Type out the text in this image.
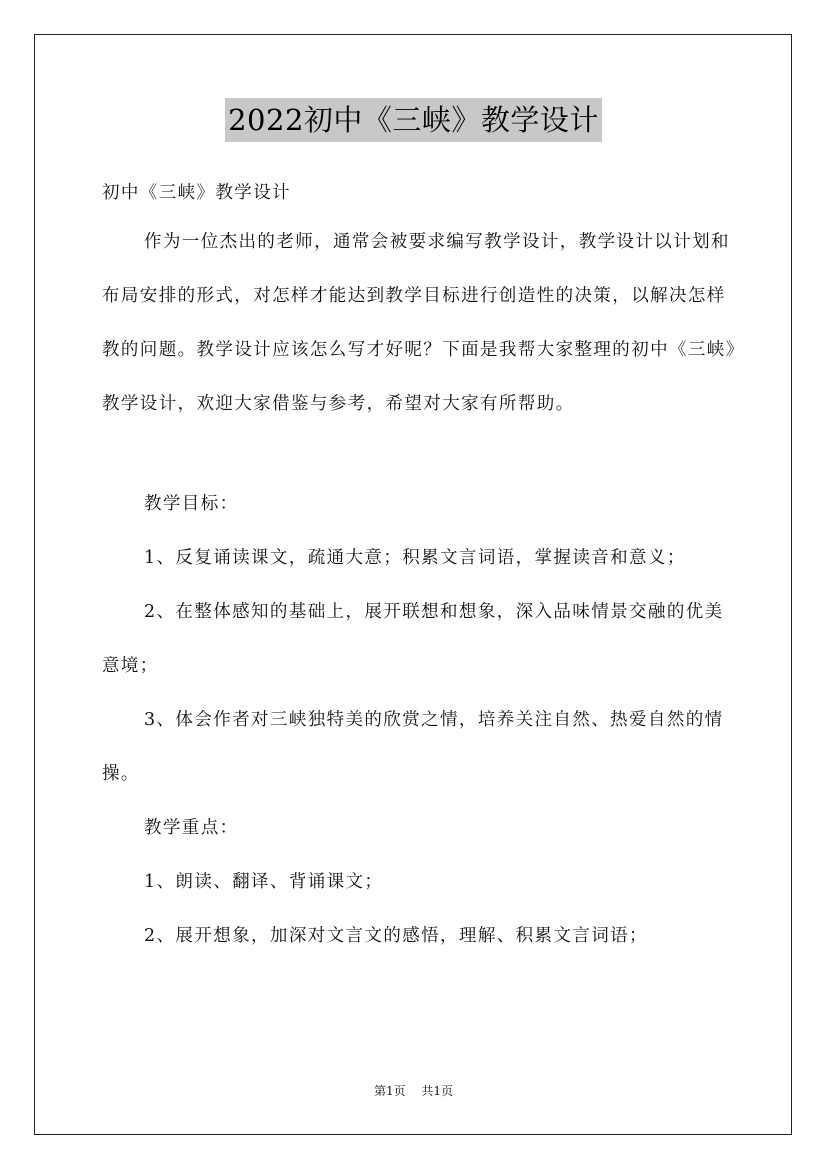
2022初中《三峡》教学设计

初中《三峡》教学设计

作为一位杰出的老师，通常会被要求编写教学设计，教学设计以计划和布局安排的形式，对怎样才能达到教学目标进行创造性的决策，以解决怎样教的问题。教学设计应该怎么写才好呢？下面是我帮大家整理的初中《三峡》教学设计，欢迎大家借鉴与参考，希望对大家有所帮助。

教学目标：

1、反复诵读课文，疏通大意；积累文言词语，掌握读音和意义；

2、在整体感知的基础上，展开联想和想象，深入品味情景交融的优美意境；

3、体会作者对三峡独特美的欣赏之情，培养关注自然、热爱自然的情操。

教学重点：

1、朗读、翻译、背诵课文；

2、展开想象，加深对文言文的感悟，理解、积累文言词语；

第1页 共1页
